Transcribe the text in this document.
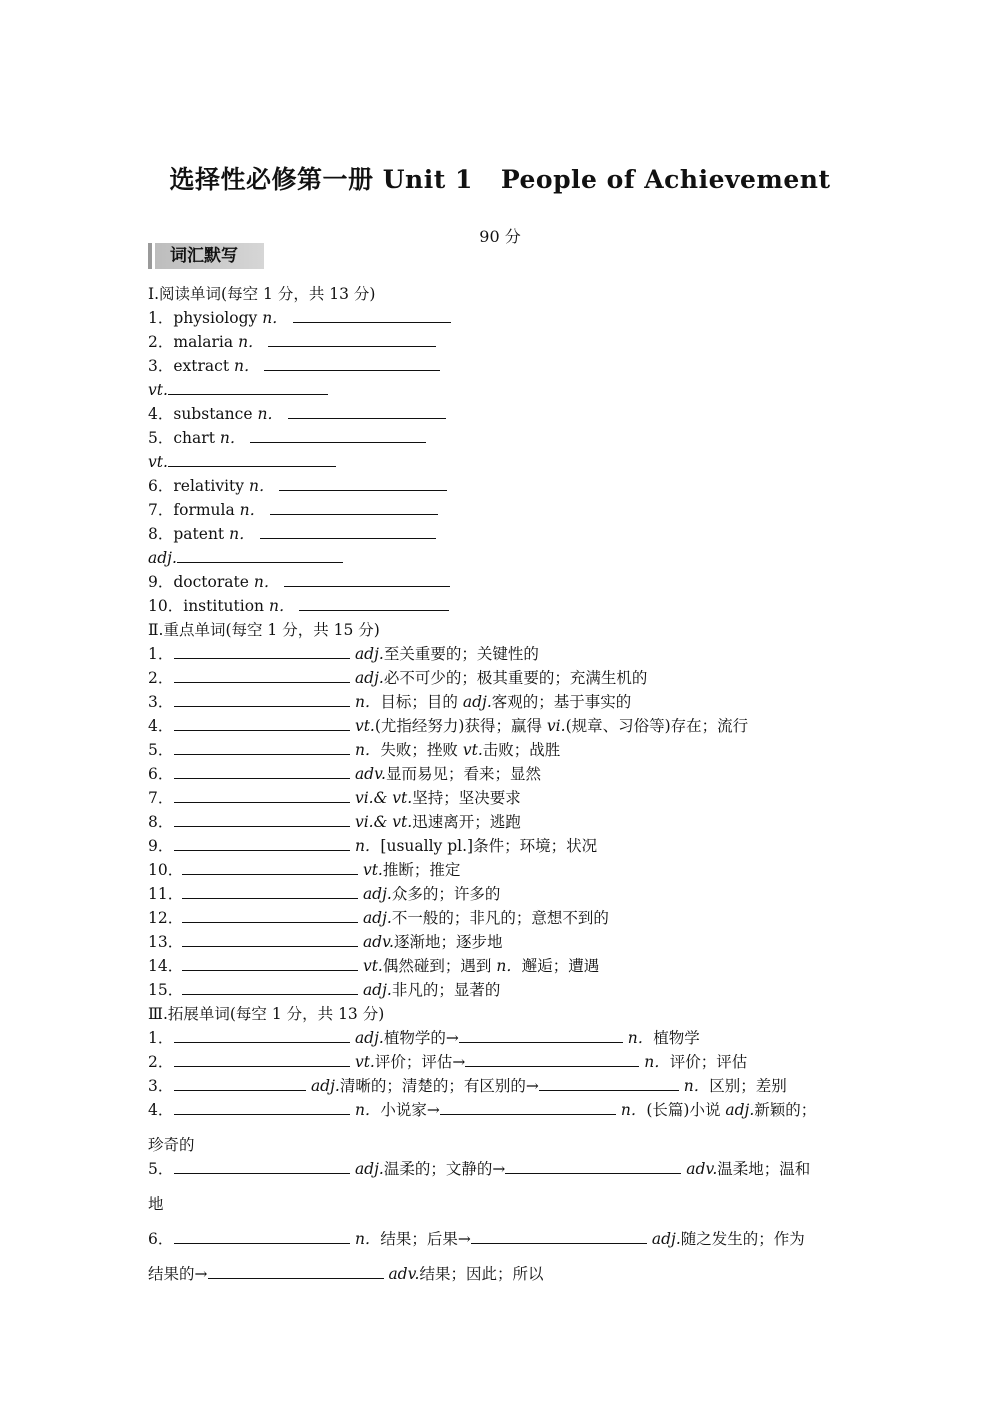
选择性必修第一册 Unit 1 People of Achievement
90 分
词汇默写
Ⅰ.阅读单词(每空 1 分，共 13 分)
1．physiology n．
2．malaria n．
3．extract n．
vt.
4．substance n．
5．chart n．
vt.
6．relativity n．
7．formula n．
8．patent n．
adj.
9．doctorate n．
10．institution n．
Ⅱ.重点单词(每空 1 分，共 15 分)
1．	adj.至关重要的；关键性的
2．	adj.必不可少的；极其重要的；充满生机的
3．	n．目标；目的 adj.客观的；基于事实的
4．	vt.(尤指经努力)获得；赢得 vi.(规章、习俗等)存在；流行
5．	n．失败；挫败 vt.击败；战胜
6．	adv.显而易见；看来；显然
7．	vi.& vt.坚持；坚决要求
8．	vi.& vt.迅速离开；逃跑
9．	n．[usually pl.]条件；环境；状况
10．	vt.推断；推定
11．	adj.众多的；许多的
12．	adj.不一般的；非凡的；意想不到的
13．	adv.逐渐地；逐步地
14．	vt.偶然碰到；遇到 n．邂逅；遭遇
15．	adj.非凡的；显著的
Ⅲ.拓展单词(每空 1 分，共 13 分)
1．	adj.植物学的→	n．植物学
2．	vt.评价；评估→	n．评价；评估
3．	adj.清晰的；清楚的；有区别的→	n．区别；差别
4．	n．小说家→	n．(长篇)小说 adj.新颖的；
珍奇的
5．	adj.温柔的；文静的→	adv.温柔地；温和
地
6．	n．结果；后果→	adj.随之发生的；作为
结果的→	adv.结果；因此；所以
